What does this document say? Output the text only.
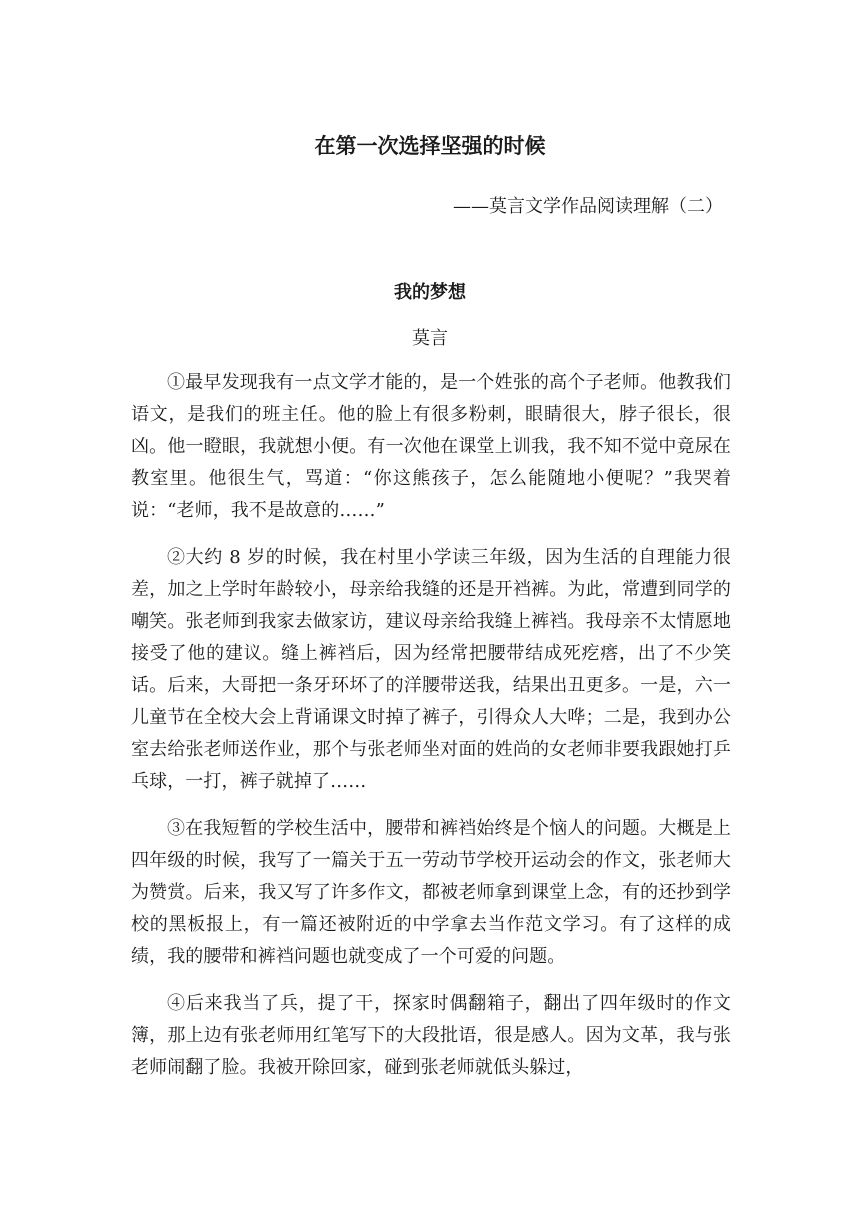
在第一次选择坚强的时候

——莫言文学作品阅读理解（二）

我的梦想

莫言

①最早发现我有一点文学才能的，是一个姓张的高个子老师。他教我们语文，是我们的班主任。他的脸上有很多粉刺，眼睛很大，脖子很长，很凶。他一瞪眼，我就想小便。有一次他在课堂上训我，我不知不觉中竟尿在教室里。他很生气，骂道：“你这熊孩子，怎么能随地小便呢？”我哭着说：“老师，我不是故意的……”

②大约 8 岁的时候，我在村里小学读三年级，因为生活的自理能力很差，加之上学时年龄较小，母亲给我缝的还是开裆裤。为此，常遭到同学的嘲笑。张老师到我家去做家访，建议母亲给我缝上裤裆。我母亲不太情愿地接受了他的建议。缝上裤裆后，因为经常把腰带结成死疙瘩，出了不少笑话。后来，大哥把一条牙环坏了的洋腰带送我，结果出丑更多。一是，六一儿童节在全校大会上背诵课文时掉了裤子，引得众人大哗；二是，我到办公室去给张老师送作业，那个与张老师坐对面的姓尚的女老师非要我跟她打乒乓球，一打，裤子就掉了……

③在我短暂的学校生活中，腰带和裤裆始终是个恼人的问题。大概是上四年级的时候，我写了一篇关于五一劳动节学校开运动会的作文，张老师大为赞赏。后来，我又写了许多作文，都被老师拿到课堂上念，有的还抄到学校的黑板报上，有一篇还被附近的中学拿去当作范文学习。有了这样的成绩，我的腰带和裤裆问题也就变成了一个可爱的问题。

④后来我当了兵，提了干，探家时偶翻箱子，翻出了四年级时的作文簿，那上边有张老师用红笔写下的大段批语，很是感人。因为文革，我与张老师闹翻了脸。我被开除回家，碰到张老师就低头躲过，
